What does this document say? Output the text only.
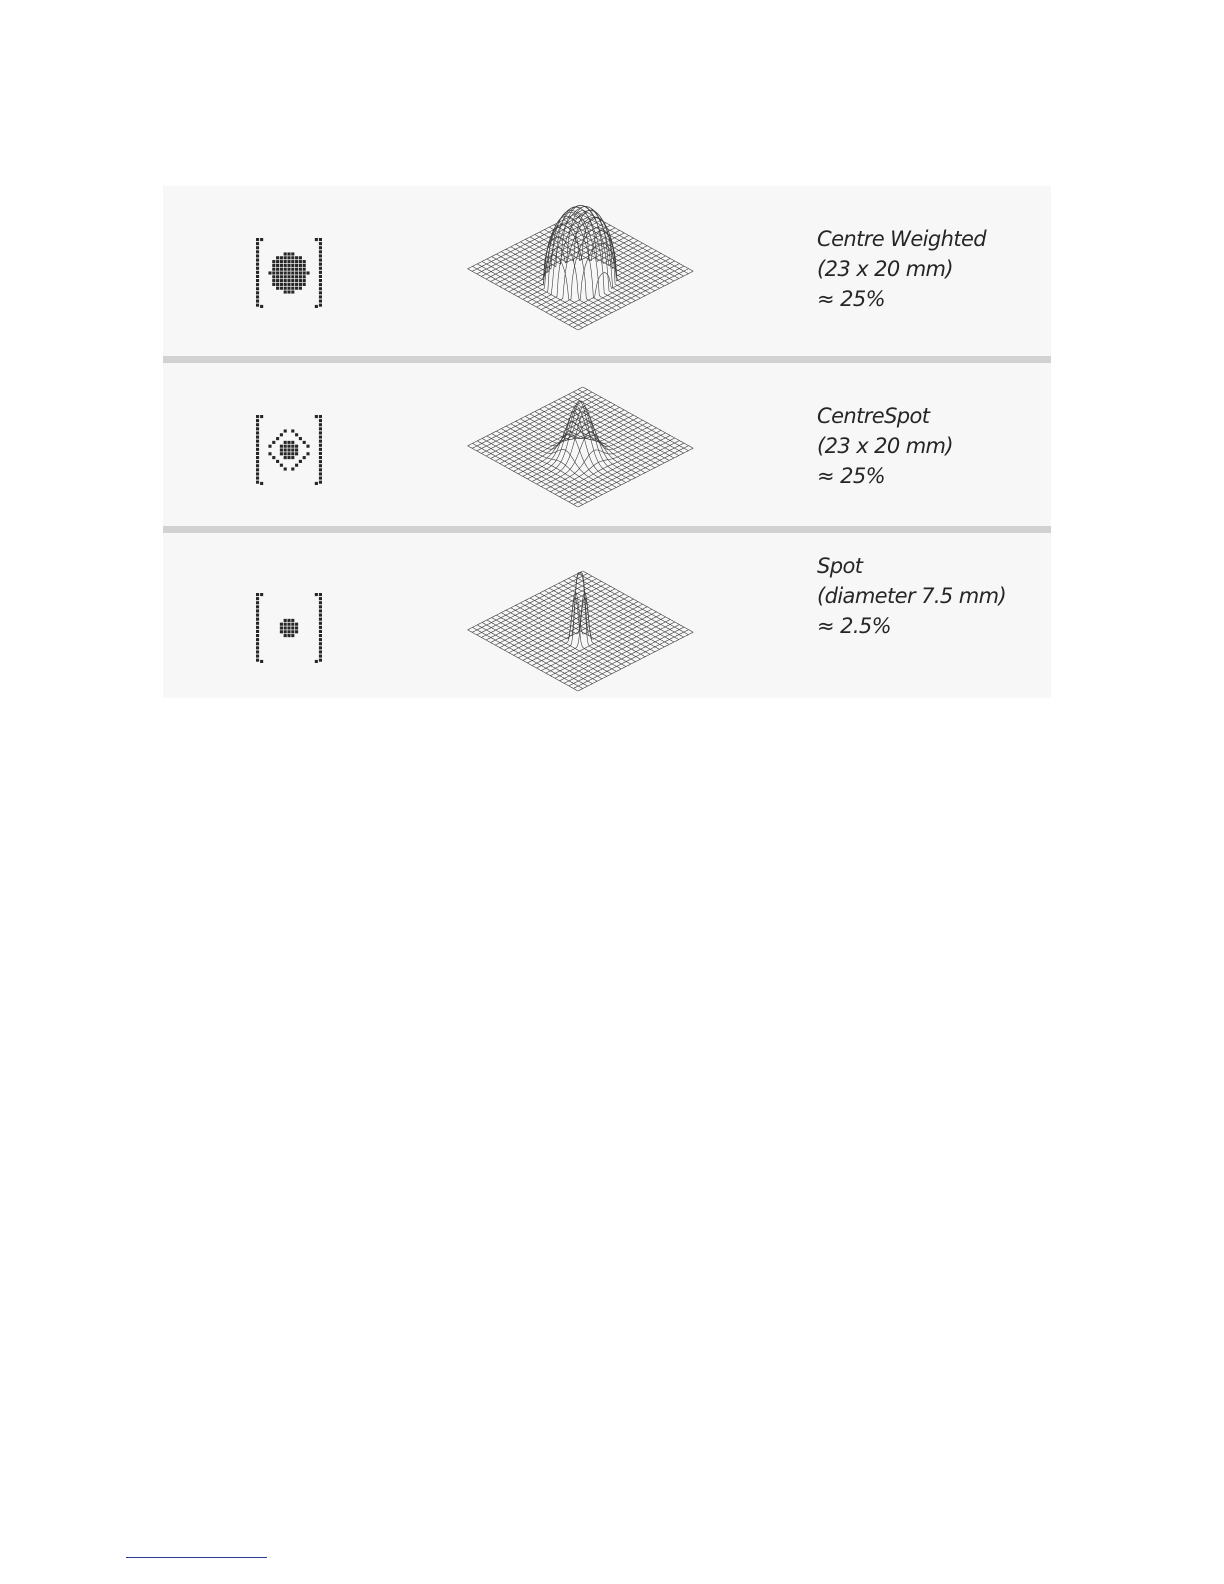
Centre Weighted
(23 x 20 mm)
≈ 25%
CentreSpot
(23 x 20 mm)
≈ 25%
Spot
(diameter 7.5 mm)
≈ 2.5%
